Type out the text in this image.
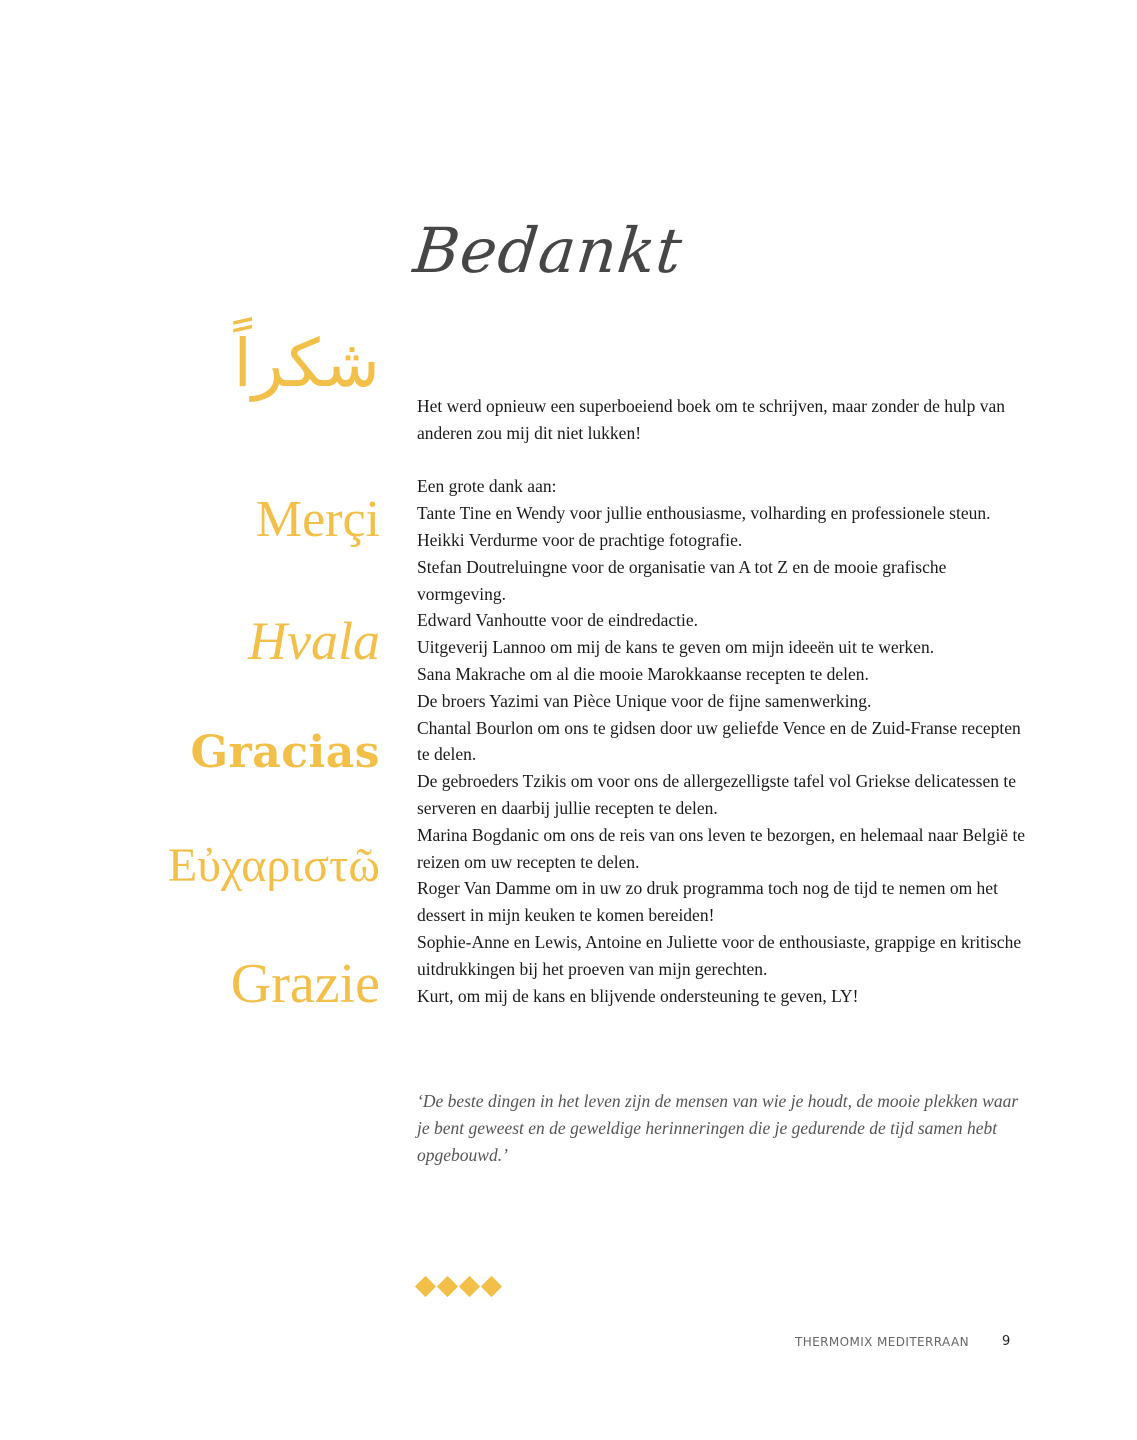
Bedankt
شكراً
Merçi
Hvala
Gracias
Εὐχαριστῶ
Grazie

Het werd opnieuw een superboeiend boek om te schrijven, maar zonder de hulp van anderen zou mij dit niet lukken!

Een grote dank aan:

Tante Tine en Wendy voor jullie enthousiasme, volharding en professionele steun.

Heikki Verdurme voor de prachtige fotografie.

Stefan Doutreluingne voor de organisatie van A tot Z en de mooie grafische vormgeving.

Edward Vanhoutte voor de eindredactie.

Uitgeverij Lannoo om mij de kans te geven om mijn ideeën uit te werken.

Sana Makrache om al die mooie Marokkaanse recepten te delen.

De broers Yazimi van Pièce Unique voor de fijne samenwerking.

Chantal Bourlon om ons te gidsen door uw geliefde Vence en de Zuid-Franse recepten te delen.

De gebroeders Tzikis om voor ons de allergezelligste tafel vol Griekse delicatessen te serveren en daarbij jullie recepten te delen.

Marina Bogdanic om ons de reis van ons leven te bezorgen, en helemaal naar België te reizen om uw recepten te delen.

Roger Van Damme om in uw zo druk programma toch nog de tijd te nemen om het dessert in mijn keuken te komen bereiden!

Sophie-Anne en Lewis, Antoine en Juliette voor de enthousiaste, grappige en kritische uitdrukkingen bij het proeven van mijn gerechten.

Kurt, om mij de kans en blijvende ondersteuning te geven, LY!

‘De beste dingen in het leven zijn de mensen van wie je houdt, de mooie plekken waar je bent geweest en de geweldige herinneringen die je gedurende de tijd samen hebt opgebouwd.’
THERMOMIX MEDITERRAAN	9
